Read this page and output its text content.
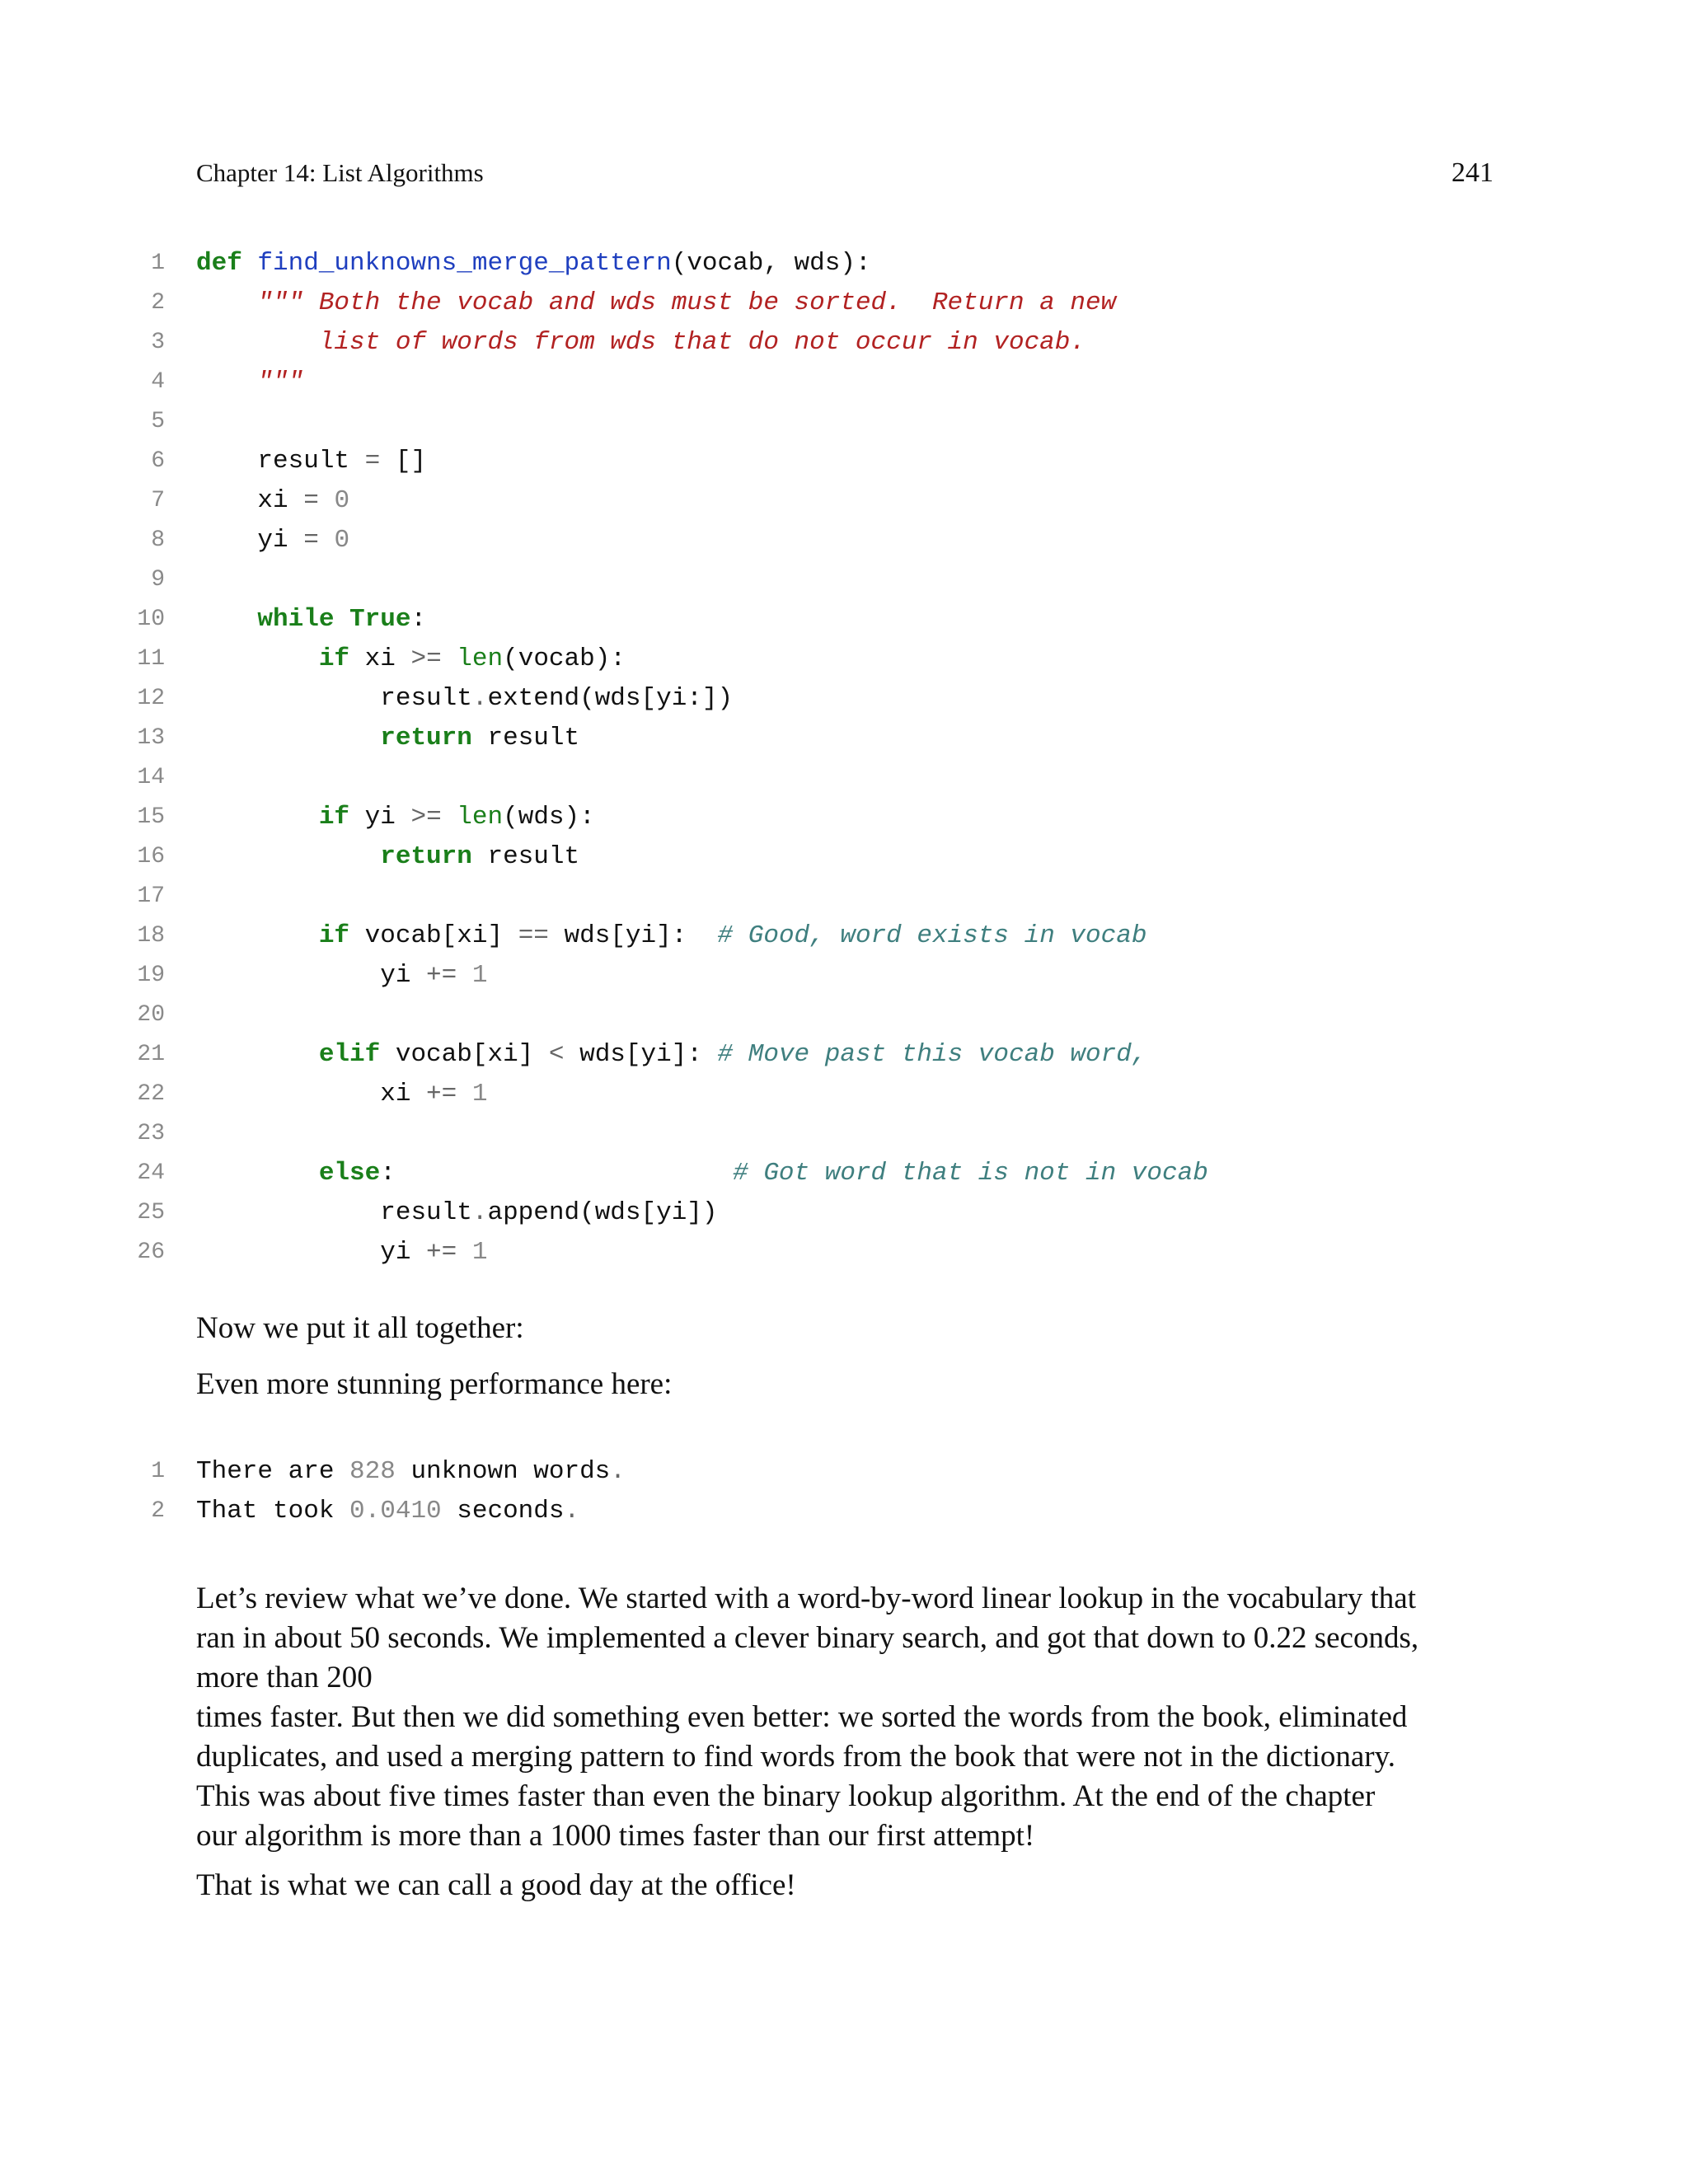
Chapter 14: List Algorithms	241
1 def find_unknowns_merge_pattern(vocab, wds):
2	""" Both the vocab and wds must be sorted.  Return a new
3	list of words from wds that do not occur in vocab.
4	"""
5
6 result = []
7 xi = 0
8 yi = 0
9
10	while True:
11	if xi >= len(vocab):
12 result.extend(wds[yi:])
13	return result
14
15	if yi >= len(wds):
16	return result
17
18	if vocab[xi] == wds[yi]:  # Good, word exists in vocab
19 yi += 1
20
21	elif vocab[xi] < wds[yi]: # Move past this vocab word,
22 xi += 1
23
24	else:                      # Got word that is not in vocab
25 result.append(wds[yi])
26 yi += 1

Now we put it all together:

Even more stunning performance here:

1 There are 828 unknown words.
2 That took 0.0410 seconds.

Let’s review what we’ve done. We started with a word-by-word linear lookup in the vocabulary that
ran in about 50 seconds. We implemented a clever binary search, and got that down to 0.22 seconds,
more than 200
times faster. But then we did something even better: we sorted the words from the book, eliminated
duplicates, and used a merging pattern to find words from the book that were not in the dictionary.
This was about five times faster than even the binary lookup algorithm. At the end of the chapter
our algorithm is more than a 1000 times faster than our first attempt!

That is what we can call a good day at the office!
